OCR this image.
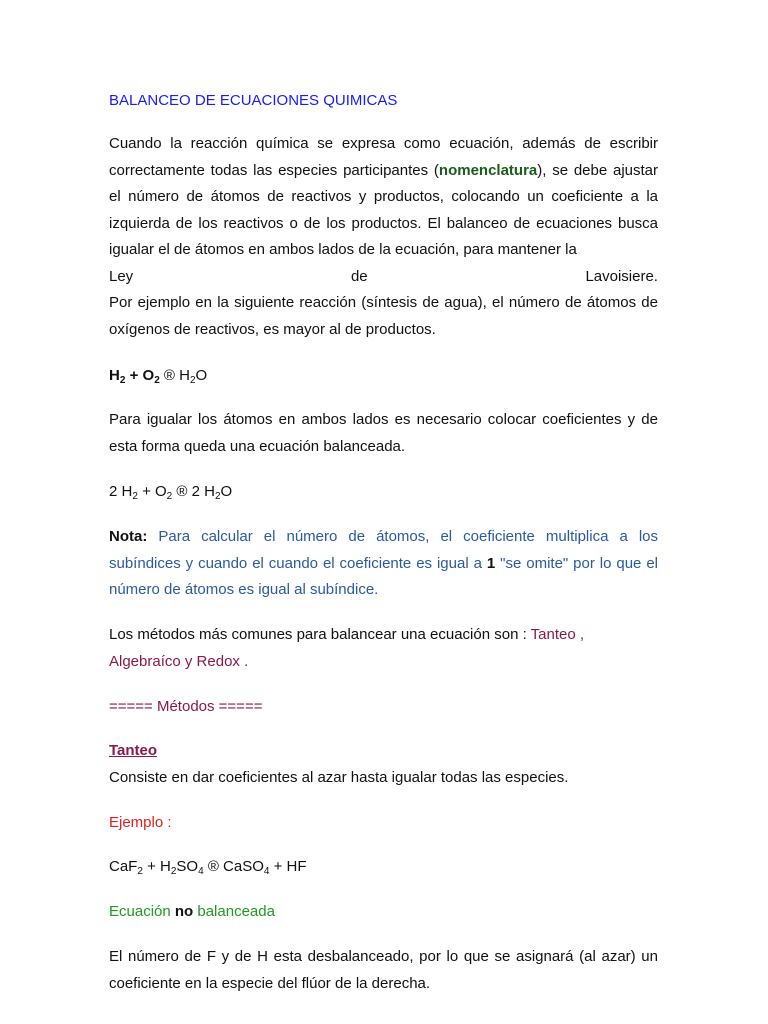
BALANCEO DE ECUACIONES QUIMICAS

Cuando la reacción química se expresa como ecuación, además de escribir correctamente todas las especies participantes (nomenclatura), se debe ajustar el número de átomos de reactivos y productos, colocando un coeficiente a la izquierda de los reactivos o de los productos. El balanceo de ecuaciones busca igualar el de átomos en ambos lados de la ecuación, para mantener la
Ley	de	Lavoisiere.
Por ejemplo en la siguiente reacción (síntesis de agua), el número de átomos de oxígenos de reactivos, es mayor al de productos.

$H_2 + O_2$ ® $H_2O$

Para igualar los átomos en ambos lados es necesario colocar coeficientes y de esta forma queda una ecuación balanceada.

2 $H_2 + O_2$ ® 2 $H_2O$

Nota: Para calcular el número de átomos, el coeficiente multiplica a los subíndices y cuando el cuando el coeficiente es igual a 1 "se omite" por lo que el número de átomos es igual al subíndice.

Los métodos más comunes para balancear una ecuación son : Tanteo ,
Algebraíco y Redox .

===== Métodos =====

Tanteo
Consiste en dar coeficientes al azar hasta igualar todas las especies.

Ejemplo :

$CaF_2 + H_2SO_4$ ® CaSO$_4$ + HF

Ecuación no balanceada

El número de F y de H esta desbalanceado, por lo que se asignará (al azar) un coeficiente en la especie del flúor de la derecha.
